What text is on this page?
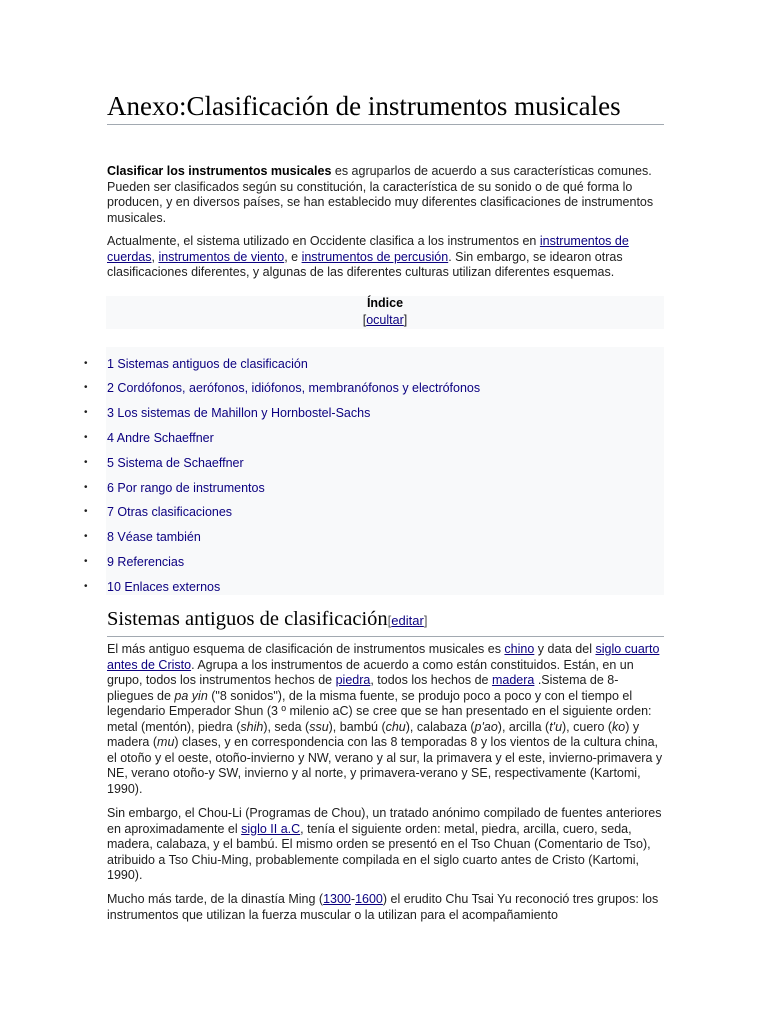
Anexo:Clasificación de instrumentos musicales

Clasificar los instrumentos musicales es agruparlos de acuerdo a sus características comunes. Pueden ser clasificados según su constitución, la característica de su sonido o de qué forma lo producen, y en diversos países, se han establecido muy diferentes clasificaciones de instrumentos musicales.

Actualmente, el sistema utilizado en Occidente clasifica a los instrumentos en instrumentos de cuerdas, instrumentos de viento, e instrumentos de percusión. Sin embargo, se idearon otras clasificaciones diferentes, y algunas de las diferentes culturas utilizan diferentes esquemas.

Índice
[ocultar]
• 1 Sistemas antiguos de clasificación
• 2 Cordófonos, aerófonos, idiófonos, membranófonos y electrófonos
• 3 Los sistemas de Mahillon y Hornbostel-Sachs
• 4 Andre Schaeffner
• 5 Sistema de Schaeffner
• 6 Por rango de instrumentos
• 7 Otras clasificaciones
• 8 Véase también
• 9 Referencias
• 10 Enlaces externos
Sistemas antiguos de clasificación[editar]

El más antiguo esquema de clasificación de instrumentos musicales es chino y data del siglo cuarto antes de Cristo. Agrupa a los instrumentos de acuerdo a como están constituidos. Están, en un grupo, todos los instrumentos hechos de piedra, todos los hechos de madera .Sistema de 8-pliegues de pa yin ("8 sonidos"), de la misma fuente, se produjo poco a poco y con el tiempo el legendario Emperador Shun (3 º milenio aC) se cree que se han presentado en el siguiente orden: metal (mentón), piedra (shih), seda (ssu), bambú (chu), calabaza (p'ao), arcilla (t'u), cuero (ko) y madera (mu) clases, y en correspondencia con las 8 temporadas 8 y los vientos de la cultura china, el otoño y el oeste, otoño-invierno y NW, verano y al sur, la primavera y el este, invierno-primavera y NE, verano otoño-y SW, invierno y al norte, y primavera-verano y SE, respectivamente (Kartomi, 1990).

Sin embargo, el Chou-Li (Programas de Chou), un tratado anónimo compilado de fuentes anteriores en aproximadamente el siglo II a.C, tenía el siguiente orden: metal, piedra, arcilla, cuero, seda, madera, calabaza, y el bambú. El mismo orden se presentó en el Tso Chuan (Comentario de Tso), atribuido a Tso Chiu-Ming, probablemente compilada en el siglo cuarto antes de Cristo (Kartomi, 1990).

Mucho más tarde, de la dinastía Ming (1300-1600) el erudito Chu Tsai Yu reconoció tres grupos: los instrumentos que utilizan la fuerza muscular o la utilizan para el acompañamiento
